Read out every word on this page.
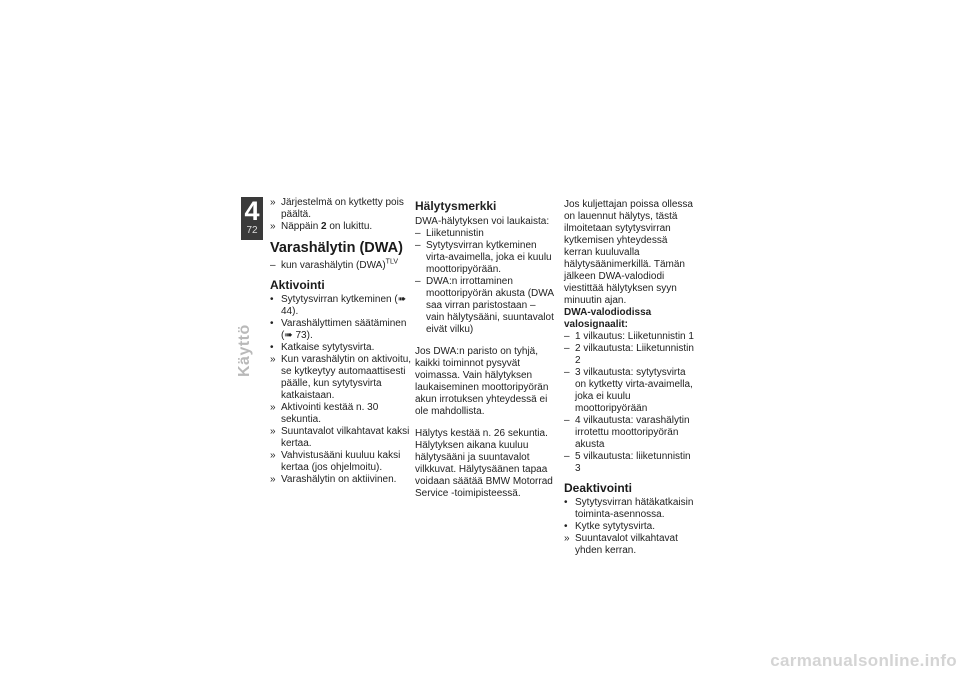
4
72
Käyttö

» Järjestelmä on kytketty pois päältä.

» Näppäin 2 on lukittu.

Varashälytin (DWA)

– kun varashälytin (DWA)$^{TLV}$

Aktivointi

• Sytytysvirran kytkeminen (➠ 44).

• Varashälyttimen säätäminen (➠ 73).

• Katkaise sytytysvirta.

» Kun varashälytin on aktivoitu, se kytkeytyy automaattisesti päälle, kun sytytysvirta katkaistaan.

» Aktivointi kestää n. 30 sekuntia.

» Suuntavalot vilkahtavat kaksi kertaa.

» Vahvistusääni kuuluu kaksi kertaa (jos ohjelmoitu).

» Varashälytin on aktiivinen.

Hälytysmerkki

DWA-hälytyksen voi laukaista:

– Liiketunnistin

– Sytytysvirran kytkeminen virta-avaimella, joka ei kuulu moottoripyörään.

– DWA:n irrottaminen moottoripyörän akusta (DWA saa virran paristostaan – vain hälytysääni, suuntavalot eivät vilku)

Jos DWA:n paristo on tyhjä, kaikki toiminnot pysyvät voimassa. Vain hälytyksen laukaiseminen moottoripyörän akun irrotuksen yhteydessä ei ole mahdollista.

Hälytys kestää n. 26 sekuntia. Hälytyksen aikana kuuluu hälytysääni ja suuntavalot vilkkuvat. Hälytysäänen tapaa voidaan säätää BMW Motorrad Service -toimipisteessä.

Jos kuljettajan poissa ollessa on lauennut hälytys, tästä ilmoitetaan sytytysvirran kytkemisen yhteydessä kerran kuuluvalla hälytysäänimerkillä. Tämän jälkeen DWA-valodiodi viestittää hälytyksen syyn minuutin ajan.

DWA-valodiodissa valosignaalit:

– 1 vilkautus: Liiketunnistin 1

– 2 vilkautusta: Liiketunnistin 2

– 3 vilkautusta: sytytysvirta on kytketty virta-avaimella, joka ei kuulu moottoripyörään

– 4 vilkautusta: varashälytin irrotettu moottoripyörän akusta

– 5 vilkautusta: liiketunnistin 3

Deaktivointi

• Sytytysvirran hätäkatkaisin toiminta-asennossa.

• Kytke sytytysvirta.

» Suuntavalot vilkahtavat yhden kerran.

carmanualsonline.info
